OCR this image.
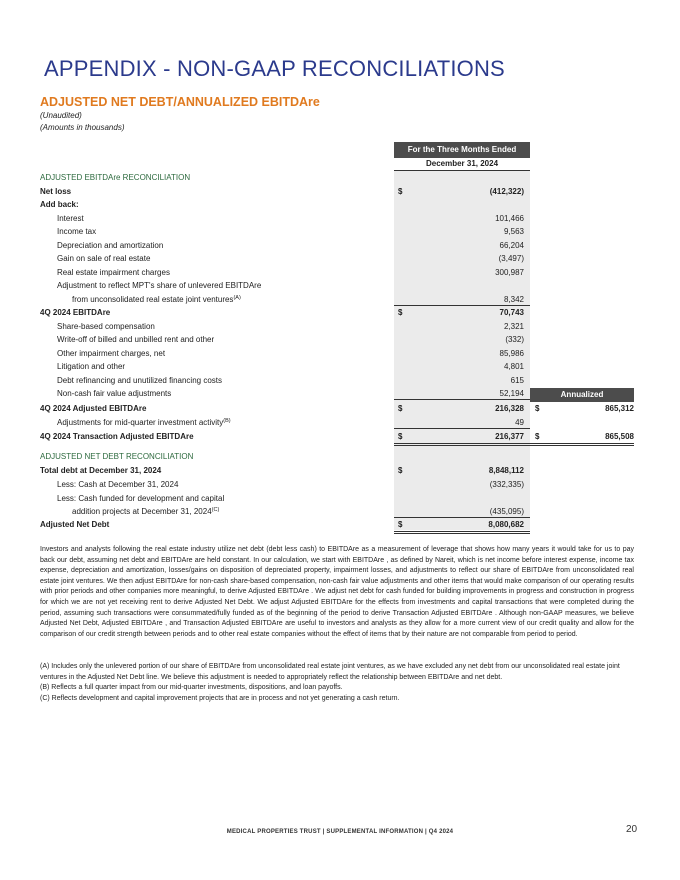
APPENDIX - NON-GAAP RECONCILIATIONS
ADJUSTED NET DEBT/ANNUALIZED EBITDAre
(Unaudited)
(Amounts in thousands)
For the Three Months Ended
December 31, 2024
Annualized
ADJUSTED EBITDAre RECONCILIATION
Net loss	$	(412,322)
Add back:
Interest	101,466
Income tax	9,563
Depreciation and amortization	66,204
Gain on sale of real estate	(3,497)
Real estate impairment charges	300,987
Adjustment to reflect MPT's share of unlevered EBITDAre
from unconsolidated real estate joint ventures$^{(A)}$	8,342
4Q 2024 EBITDAre	$	70,743
Share-based compensation	2,321
Write-off of billed and unbilled rent and other	(332)
Other impairment charges, net	85,986
Litigation and other	4,801
Debt refinancing and unutilized financing costs	615
Non-cash fair value adjustments	52,194
4Q 2024 Adjusted EBITDAre	$	216,328 $	865,312
Adjustments for mid-quarter investment activity$^{(B)}$	49
4Q 2024 Transaction Adjusted EBITDAre	$	216,377 $	865,508
ADJUSTED NET DEBT RECONCILIATION
Total debt at December 31, 2024	$	8,848,112
Less: Cash at December 31, 2024	(332,335)
Less: Cash funded for development and capital
addition projects at December 31, $2024^{(C)}$	(435,095)
Adjusted Net Debt	$	8,080,682
Investors and analysts following the real estate industry utilize net debt (debt less cash) to EBITDAre as a measurement of leverage that shows how many years it would take for us to pay back our debt, assuming net debt and EBITDAre are held constant. In our calculation, we start with EBITDAre , as defined by Nareit, which is net income before interest expense, income tax expense, depreciation and amortization, losses/gains on disposition of depreciated property, impairment losses, and adjustments to reflect our share of EBITDAre from unconsolidated real estate joint ventures. We then adjust EBITDAre for non-cash share-based compensation, non-cash fair value adjustments and other items that would make comparison of our operating results with prior periods and other companies more meaningful, to derive Adjusted EBITDAre . We adjust net debt for cash funded for building improvements in progress and construction in progress for which we are not yet receiving rent to derive Adjusted Net Debt. We adjust Adjusted EBITDAre for the effects from investments and capital transactions that were completed during the period, assuming such transactions were consummated/fully funded as of the beginning of the period to derive Transaction Adjusted EBITDAre . Although non-GAAP measures, we believe Adjusted Net Debt, Adjusted EBITDAre , and Transaction Adjusted EBITDAre are useful to investors and analysts as they allow for a more current view of our credit quality and allow for the comparison of our credit strength between periods and to other real estate companies without the effect of items that by their nature are not comparable from period to period.
(A) Includes only the unlevered portion of our share of EBITDAre from unconsolidated real estate joint ventures, as we have excluded any net debt from our unconsolidated real estate joint ventures in the Adjusted Net Debt line. We believe this adjustment is needed to appropriately reflect the relationship between EBITDAre and net debt.
(B) Reflects a full quarter impact from our mid-quarter investments, dispositions, and loan payoffs.
(C) Reflects development and capital improvement projects that are in process and not yet generating a cash return.
MEDICAL PROPERTIES TRUST | SUPPLEMENTAL INFORMATION | Q4 2024	20
